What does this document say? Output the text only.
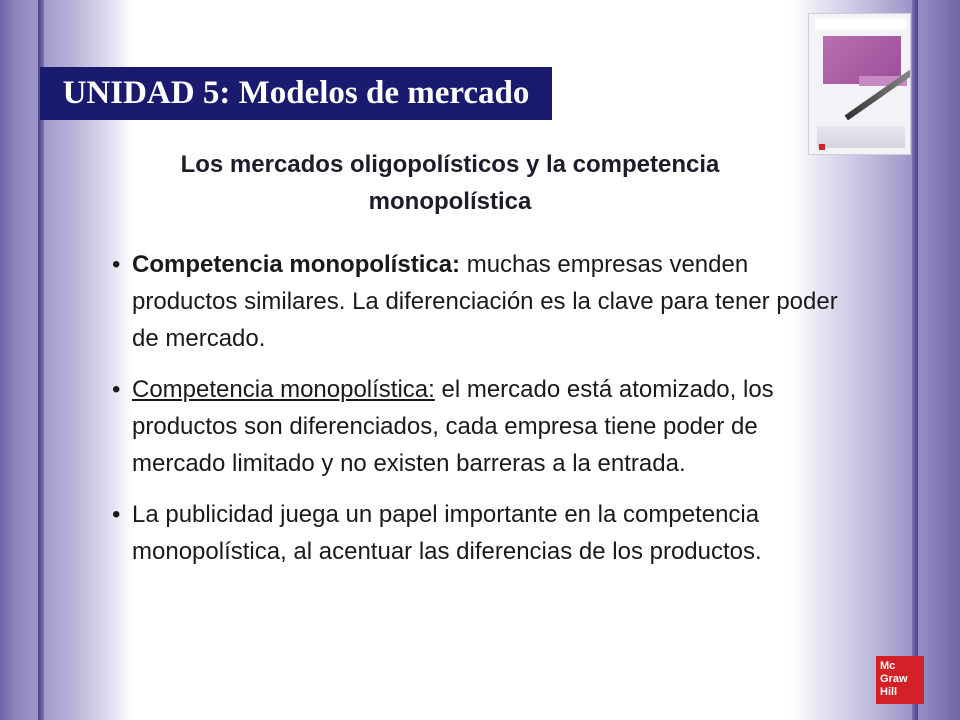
UNIDAD 5: Modelos de mercado
Los mercados oligopolísticos y la competencia
monopolística
• Competencia monopolística: muchas empresas venden productos similares. La diferenciación es la clave para tener poder de mercado.
• Competencia monopolística: el mercado está atomizado, los productos son diferenciados, cada empresa tiene poder de mercado limitado y no existen barreras a la entrada.
• La publicidad juega un papel importante en la competencia monopolística, al acentuar las diferencias de los productos.
Mc
Graw
Hill
